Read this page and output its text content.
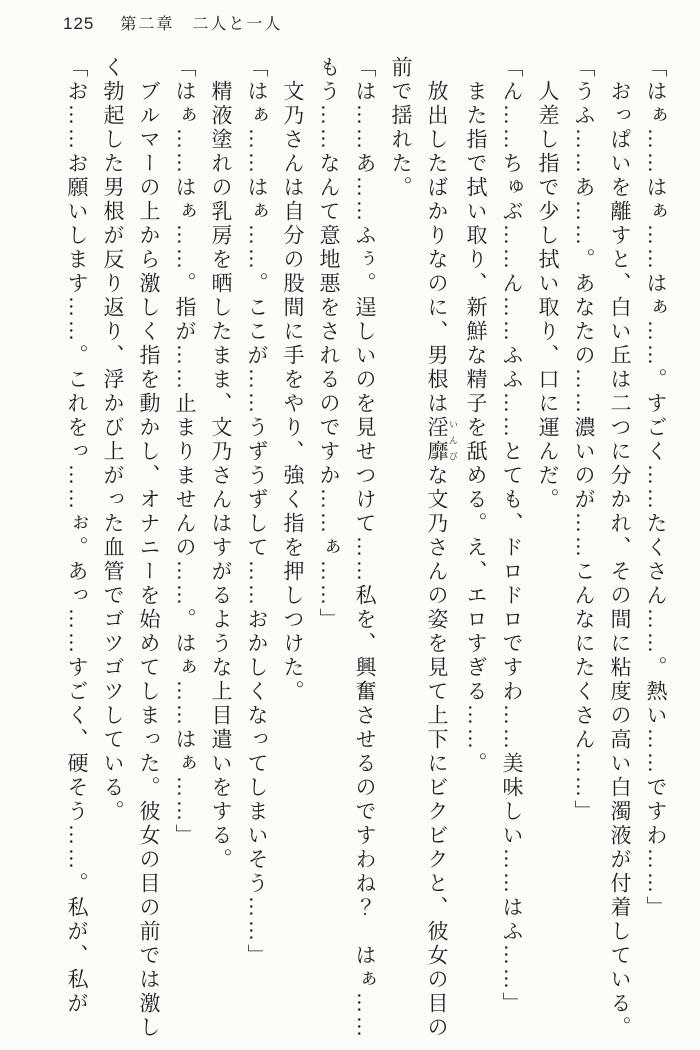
125 第二章　二人と一人

「はぁ……はぁ……はぁ……。すごく……たくさん……。熱い……ですわ……」

おっぱいを離すと、白い丘は二つに分かれ、その間に粘度の高い白濁液が付着している。

「うふ……あ……。あなたの……濃いのが……こんなにたくさん……」

人差し指で少し拭い取り、口に運んだ。

「ん……ちゅぶ……ん……ふふ……とても、ドロドロですわ……美味しい……はふ……」

また指で拭い取り、新鮮な精子を舐める。え、エロすぎる……。

放出したばかりなのに、男根は淫靡 いんびな文乃さんの姿を見て上下にビクビクと、彼女の目の前で揺れた。

「は……あ……ふぅ。逞しいのを見せつけて……私を、興奮させるのですわね？　はぁ……もう……なんて意地悪をされるのですか……ぁ……」

文乃さんは自分の股間に手をやり、強く指を押しつけた。

「はぁ……はぁ……。ここが……うずうずして……おかしくなってしまいそう……」

精液塗れの乳房を晒したまま、文乃さんはすがるような上目遣いをする。

「はぁ……はぁ……。指が……止まりませんの……。はぁ……はぁ……」

ブルマーの上から激しく指を動かし、オナニーを始めてしまった。彼女の目の前では激しく勃起した男根が反り返り、浮かび上がった血管でゴツゴツしている。

「お……お願いします……。これをっ……ぉ。あっ……すごく、硬そう……。私が、私が
